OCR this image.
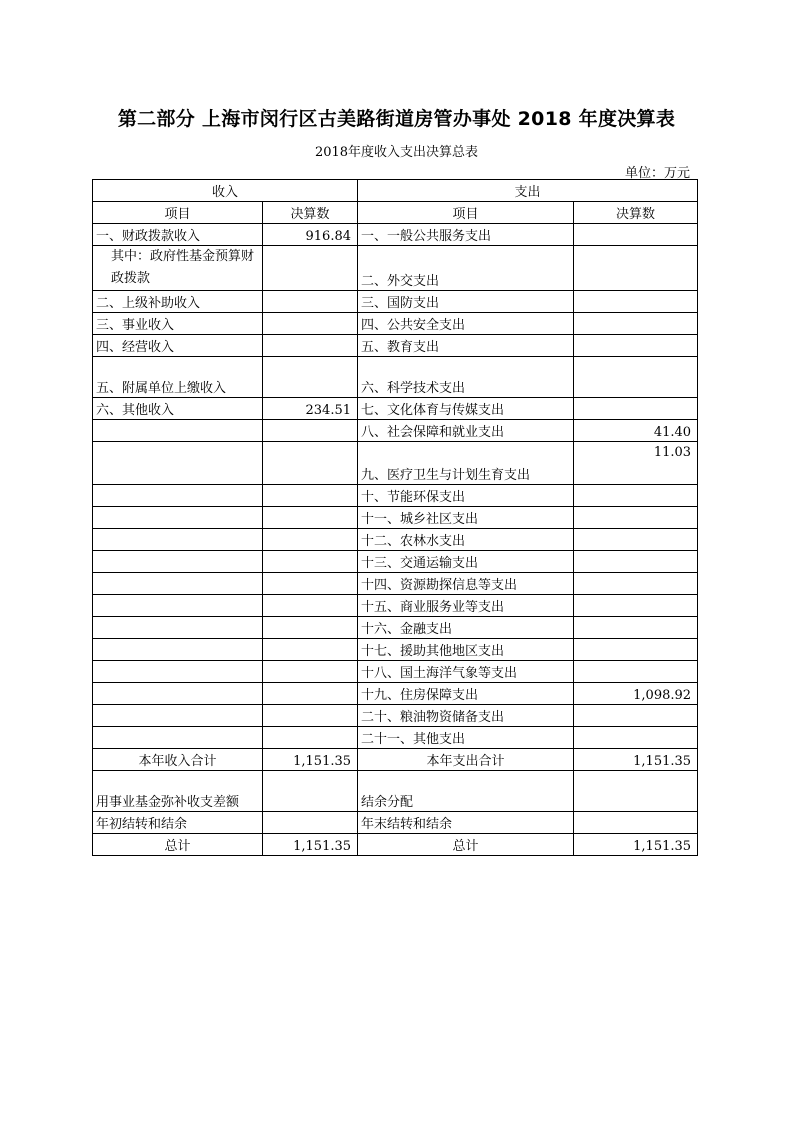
第二部分 上海市闵行区古美路街道房管办事处 2018 年度决算表
2018年度收入支出决算总表
单位：万元
收入		支出	
项目	决算数	项目	决算数
一、财政拨款收入	916.84	一、一般公共服务支出	
其中：政府性基金预算财政拨款		二、外交支出	
二、上级补助收入		三、国防支出	
三、事业收入		四、公共安全支出	
四、经营收入		五、教育支出	
五、附属单位上缴收入		六、科学技术支出	
六、其他收入	234.51	七、文化体育与传媒支出	
		八、社会保障和就业支出	41.40
		九、医疗卫生与计划生育支出	11.03
		十、节能环保支出	
		十一、城乡社区支出	
		十二、农林水支出	
		十三、交通运输支出	
		十四、资源勘探信息等支出	
		十五、商业服务业等支出	
		十六、金融支出	
		十七、援助其他地区支出	
		十八、国土海洋气象等支出	
		十九、住房保障支出	1,098.92
		二十、粮油物资储备支出	
		二十一、其他支出	
本年收入合计	1,151.35	本年支出合计	1,151.35
用事业基金弥补收支差额		结余分配	
年初结转和结余		年末结转和结余	
总计	1,151.35	总计	1,151.35
